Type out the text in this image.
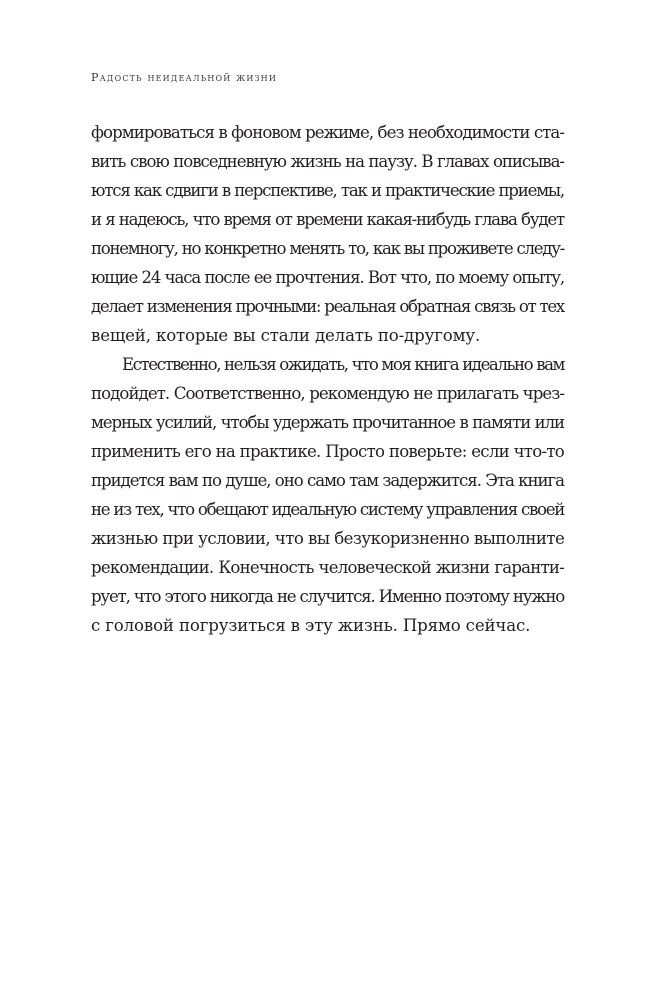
Радость неидеальной жизни
формироваться в фоновом режиме, без необходимости ста-
вить свою повседневную жизнь на паузу. В главах описыва-
ются как сдвиги в перспективе, так и практические приемы,
и я надеюсь, что время от времени какая-нибудь глава будет
понемногу, но конкретно менять то, как вы проживете следу-
ющие 24 часа после ее прочтения. Вот что, по моему опыту,
делает изменения прочными: реальная обратная связь от тех
вещей, которые вы стали делать по-другому.
Естественно, нельзя ожидать, что моя книга идеально вам
подойдет. Соответственно, рекомендую не прилагать чрез-
мерных усилий, чтобы удержать прочитанное в памяти или
применить его на практике. Просто поверьте: если что-то
придется вам по душе, оно само там задержится. Эта книга
не из тех, что обещают идеальную систему управления своей
жизнью при условии, что вы безукоризненно выполните
рекомендации. Конечность человеческой жизни гаранти-
рует, что этого никогда не случится. Именно поэтому нужно
с головой погрузиться в эту жизнь. Прямо сейчас.
